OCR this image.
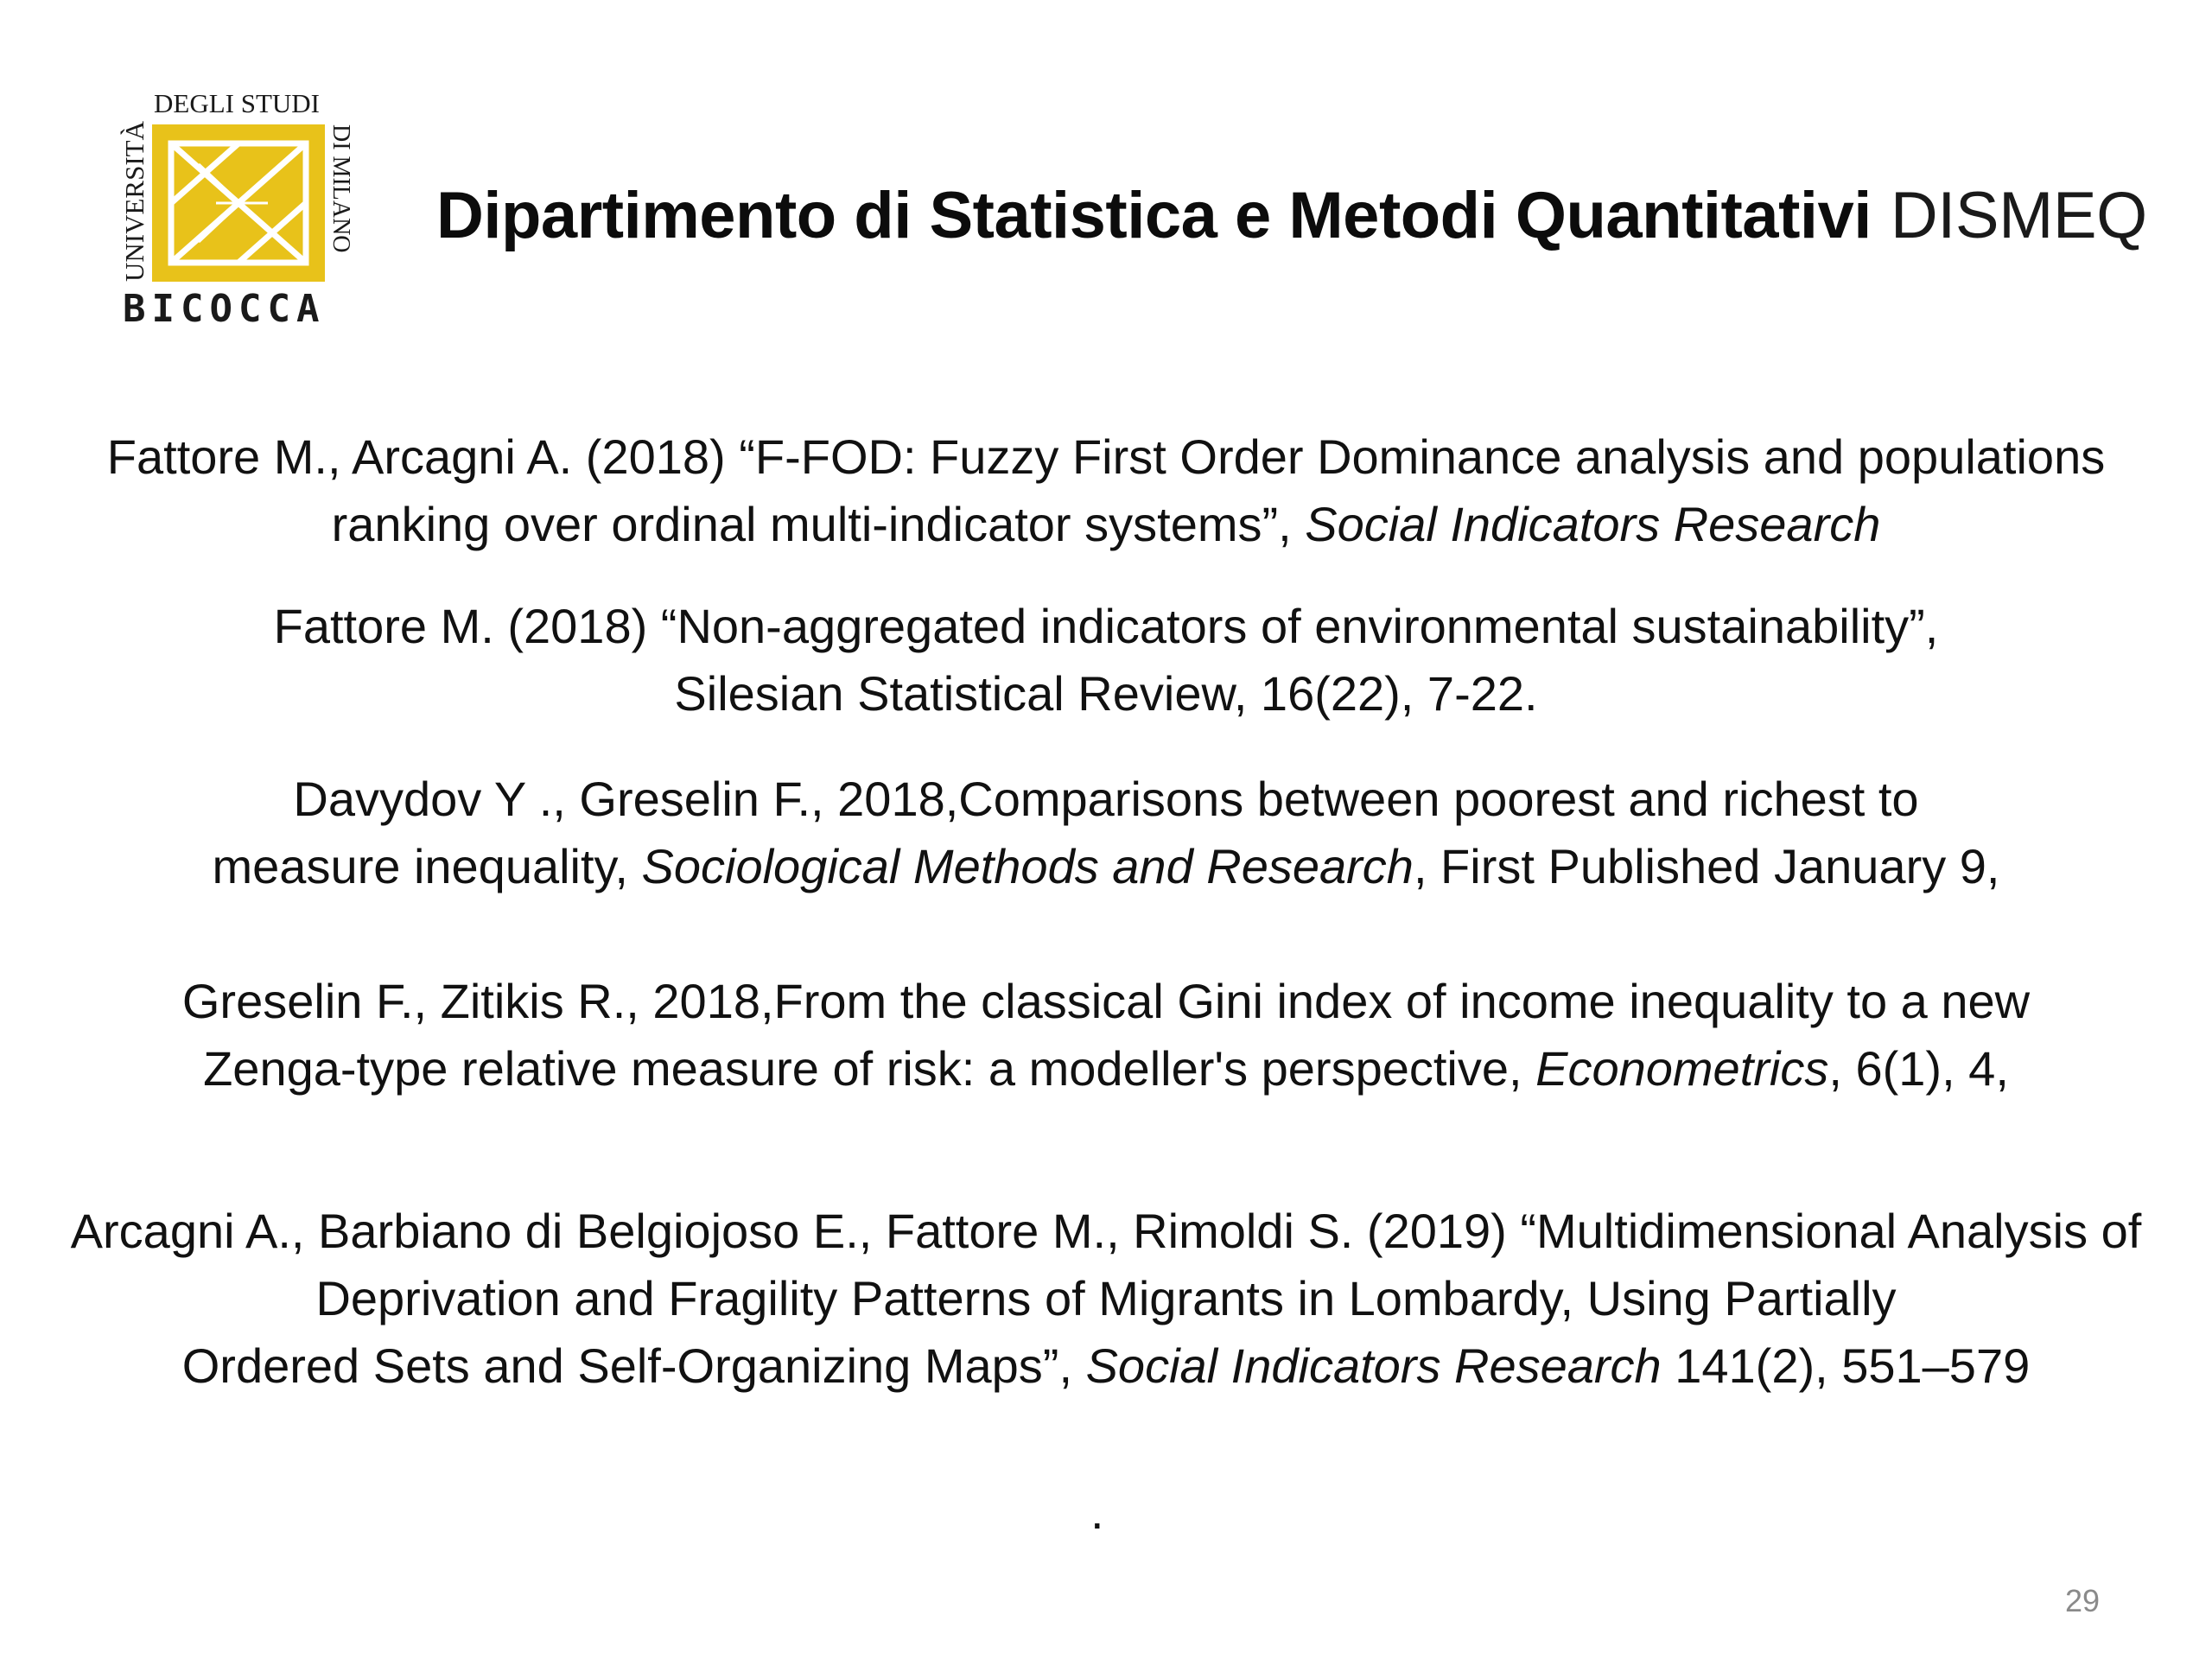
DEGLI STUDI
UNIVERSITÀ	DI MILANO
BICOCCA
Dipartimento di Statistica e Metodi Quantitativi DISMEQ
Fattore M., Arcagni A. (2018) “F-FOD: Fuzzy First Order Dominance analysis and populations
ranking over ordinal multi-indicator systems”, Social Indicators Research
Fattore M. (2018) “Non-aggregated indicators of environmental sustainability”,
Silesian Statistical Review, 16(22), 7-22.
Davydov Y ., Greselin F., 2018,Comparisons between poorest and richest to
measure inequality, Sociological Methods and Research, First Published January 9,
Greselin F., Zitikis R., 2018,From the classical Gini index of income inequality to a new
Zenga-type relative measure of risk: a modeller's perspective, Econometrics, 6(1), 4,
Arcagni A., Barbiano di Belgiojoso E., Fattore M., Rimoldi S. (2019) “Multidimensional Analysis of
Deprivation and Fragility Patterns of Migrants in Lombardy, Using Partially
Ordered Sets and Self-Organizing Maps”, Social Indicators Research 141(2), 551–579
.
29
